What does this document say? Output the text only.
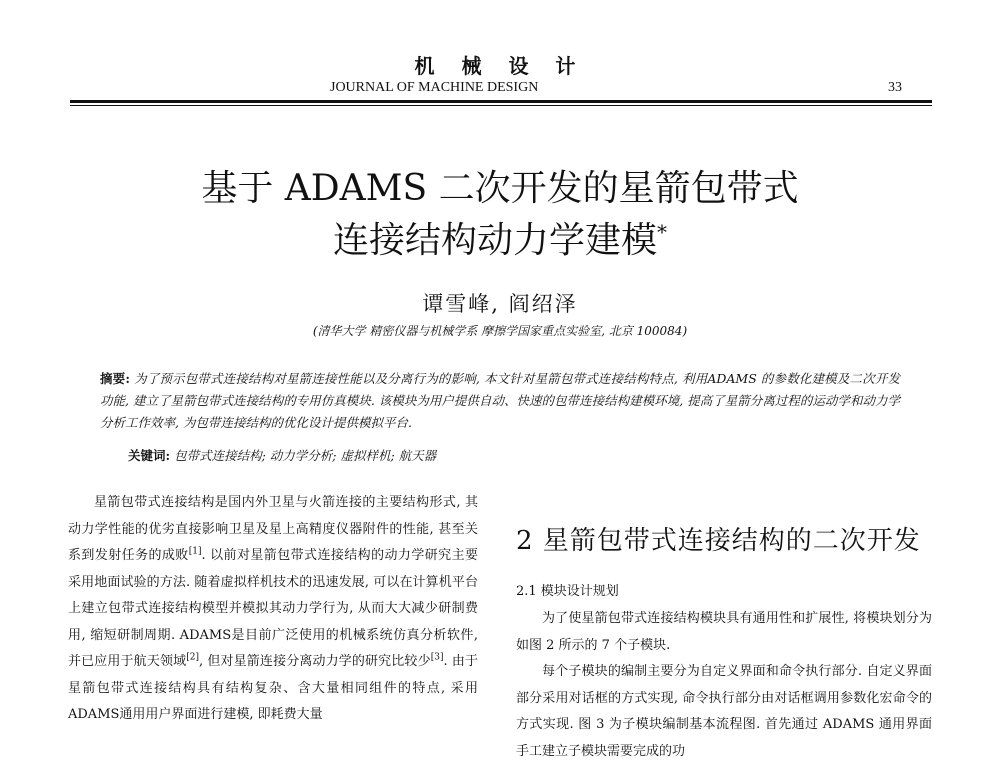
机 械 设 计
JOURNAL OF MACHINE DESIGN	33
基于 ADAMS 二次开发的星箭包带式
连接结构动力学建模*
谭雪峰, 阎绍泽
(清华大学 精密仪器与机械学系 摩擦学国家重点实验室, 北京 100084)
摘要: 为了预示包带式连接结构对星箭连接性能以及分离行为的影响, 本文针对星箭包带式连接结构特点, 利用ADAMS 的参数化建模及二次开发功能, 建立了星箭包带式连接结构的专用仿真模块. 该模块为用户提供自动、快速的包带连接结构建模环境, 提高了星箭分离过程的运动学和动力学分析工作效率, 为包带连接结构的优化设计提供模拟平台.
关键词: 包带式连接结构; 动力学分析; 虚拟样机; 航天器

星箭包带式连接结构是国内外卫星与火箭连接的主要结构形式, 其动力学性能的优劣直接影响卫星及星上高精度仪器附件的性能, 甚至关系到发射任务的成败[1]. 以前对星箭包带式连接结构的动力学研究主要采用地面试验的方法. 随着虚拟样机技术的迅速发展, 可以在计算机平台上建立包带式连接结构模型并模拟其动力学行为, 从而大大减少研制费用, 缩短研制周期. ADAMS是目前广泛使用的机械系统仿真分析软件, 并已应用于航天领域[2], 但对星箭连接分离动力学的研究比较少[3]. 由于星箭包带式连接结构具有结构复杂、含大量相同组件的特点, 采用ADAMS通用用户界面进行建模, 即耗费大量

2 星箭包带式连接结构的二次开发
2.1 模块设计规划

为了使星箭包带式连接结构模块具有通用性和扩展性, 将模块划分为如图 2 所示的 7 个子模块.

每个子模块的编制主要分为自定义界面和命令执行部分. 自定义界面部分采用对话框的方式实现, 命令执行部分由对话框调用参数化宏命令的方式实现. 图 3 为子模块编制基本流程图. 首先通过 ADAMS 通用界面手工建立子模块需要完成的功
